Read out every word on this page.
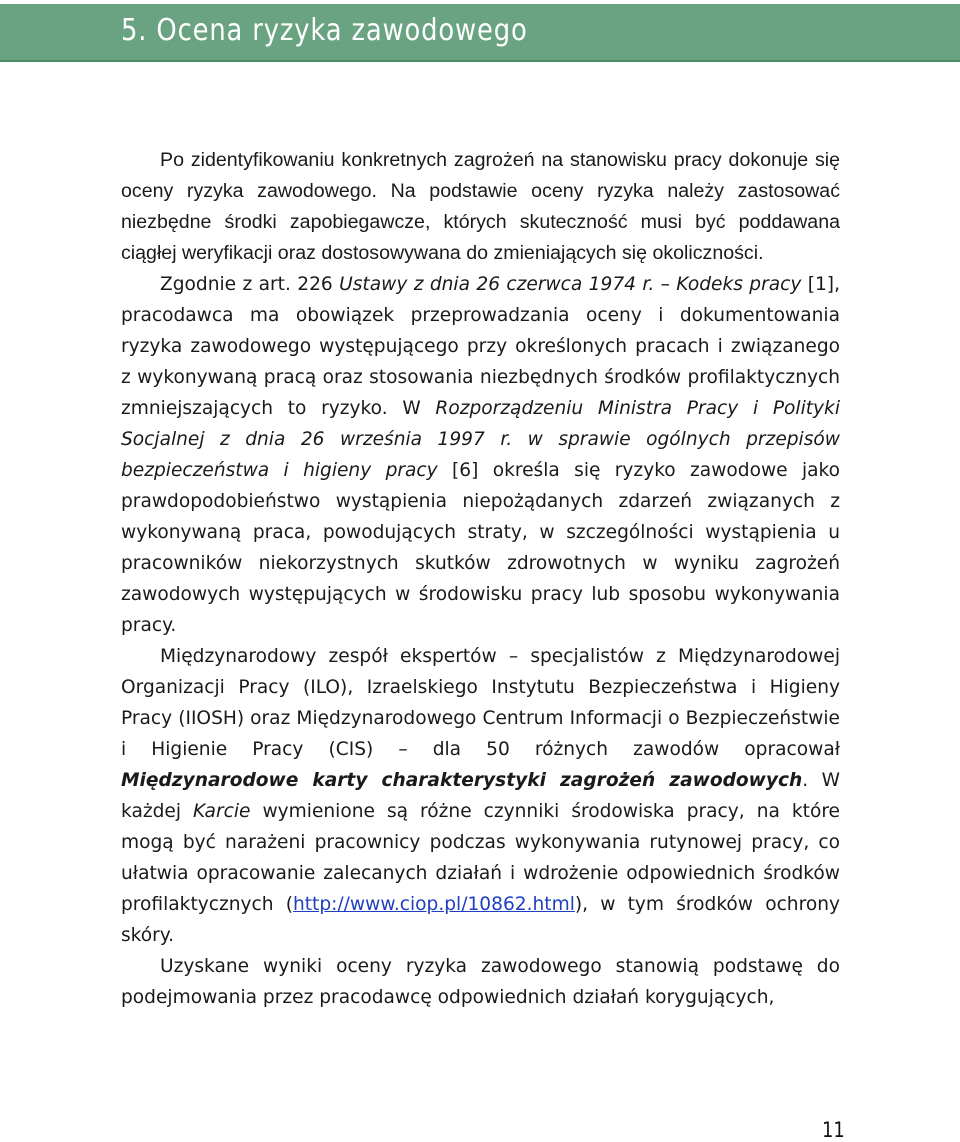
5. Ocena ryzyka zawodowego

Po zidentyfikowaniu konkretnych zagrożeń na stanowisku pracy dokonuje się oceny ryzyka zawodowego. Na podstawie oceny ryzyka należy zastosować niezbędne środki zapobiegawcze, których skuteczność musi być poddawana ciągłej weryfikacji oraz dostosowywana do zmieniających się okoliczności.

Zgodnie z art. 226 Ustawy z dnia 26 czerwca 1974 r. – Kodeks pracy [1], pracodawca ma obowiązek przeprowadzania oceny i dokumentowania ryzyka zawodowego występującego przy określonych pracach i związanego z wykonywaną pracą oraz stosowania niezbędnych środków profilaktycznych zmniejszających to ryzyko. W Rozporządzeniu Ministra Pracy i Polityki Socjalnej z dnia 26 września 1997 r. w sprawie ogólnych przepisów bezpieczeństwa i higieny pracy [6] określa się ryzyko zawodowe jako prawdopodobieństwo wystąpienia niepożądanych zdarzeń związanych z wykonywaną praca, powodujących straty, w szczególności wystąpienia u pracowników niekorzystnych skutków zdrowotnych w wyniku zagrożeń zawodowych występujących w środowisku pracy lub sposobu wykonywania pracy.

Międzynarodowy zespół ekspertów – specjalistów z Międzynarodowej Organizacji Pracy (ILO), Izraelskiego Instytutu Bezpieczeństwa i Higieny Pracy (IIOSH) oraz Międzynarodowego Centrum Informacji o Bezpieczeństwie i Higienie Pracy (CIS) – dla 50 różnych zawodów opracował Międzynarodowe karty charakterystyki zagrożeń zawodowych. W każdej Karcie wymienione są różne czynniki środowiska pracy, na które mogą być narażeni pracownicy podczas wykonywania rutynowej pracy, co ułatwia opracowanie zalecanych działań i wdrożenie odpowiednich środków profilaktycznych (http://www.ciop.pl/10862.html), w tym środków ochrony skóry.

Uzyskane wyniki oceny ryzyka zawodowego stanowią podstawę do podejmowania przez pracodawcę odpowiednich działań korygujących,

11
